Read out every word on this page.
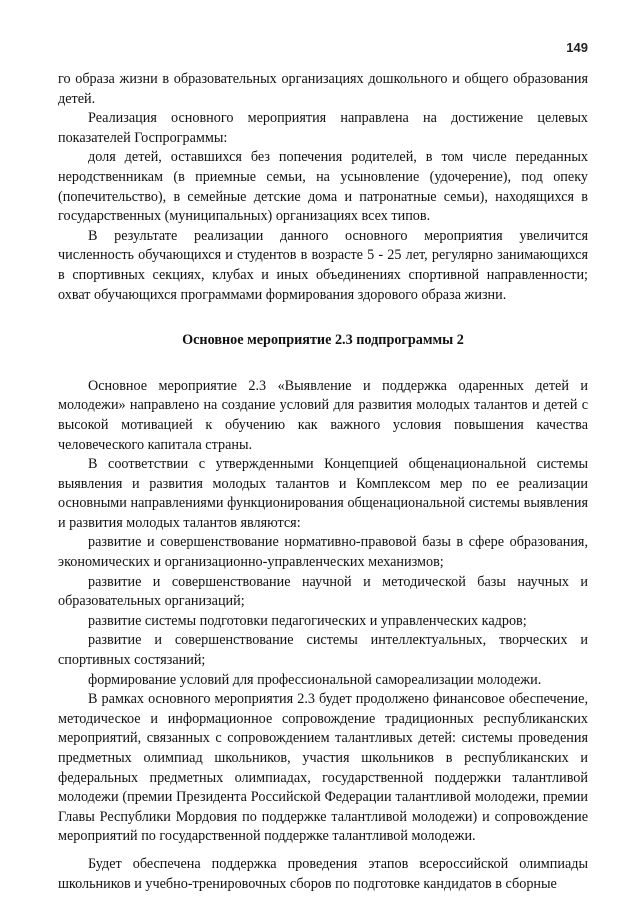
149

го образа жизни в образовательных организациях дошкольного и общего образования детей.

Реализация основного мероприятия направлена на достижение целевых показателей Госпрограммы:

доля детей, оставшихся без попечения родителей, в том числе переданных неродственникам (в приемные семьи, на усыновление (удочерение), под опеку (попечительство), в семейные детские дома и патронатные семьи), находящихся в государственных (муниципальных) организациях всех типов.

В результате реализации данного основного мероприятия увеличится численность обучающихся и студентов в возрасте 5 - 25 лет, регулярно занимающихся в спортивных секциях, клубах и иных объединениях спортивной направленности; охват обучающихся программами формирования здорового образа жизни.

Основное мероприятие 2.3 подпрограммы 2

Основное мероприятие 2.3 «Выявление и поддержка одаренных детей и молодежи» направлено на создание условий для развития молодых талантов и детей с высокой мотивацией к обучению как важного условия повышения качества человеческого капитала страны.

В соответствии с утвержденными Концепцией общенациональной системы выявления и развития молодых талантов и Комплексом мер по ее реализации основными направлениями функционирования общенациональной системы выявления и развития молодых талантов являются:

развитие и совершенствование нормативно-правовой базы в сфере образования, экономических и организационно-управленческих механизмов;

развитие и совершенствование научной и методической базы научных и образовательных организаций;

развитие системы подготовки педагогических и управленческих кадров;

развитие и совершенствование системы интеллектуальных, творческих и спортивных состязаний;

формирование условий для профессиональной самореализации молодежи.

В рамках основного мероприятия 2.3 будет продолжено финансовое обеспечение, методическое и информационное сопровождение традиционных республиканских мероприятий, связанных с сопровождением талантливых детей: системы проведения предметных олимпиад школьников, участия школьников в республиканских и федеральных предметных олимпиадах, государственной поддержки талантливой молодежи (премии Президента Российской Федерации талантливой молодежи, премии Главы Республики Мордовия по поддержке талантливой молодежи) и сопровождение мероприятий по государственной поддержке талантливой молодежи.

Будет обеспечена поддержка проведения этапов всероссийской олимпиады школьников и учебно-тренировочных сборов по подготовке кандидатов в сборные
